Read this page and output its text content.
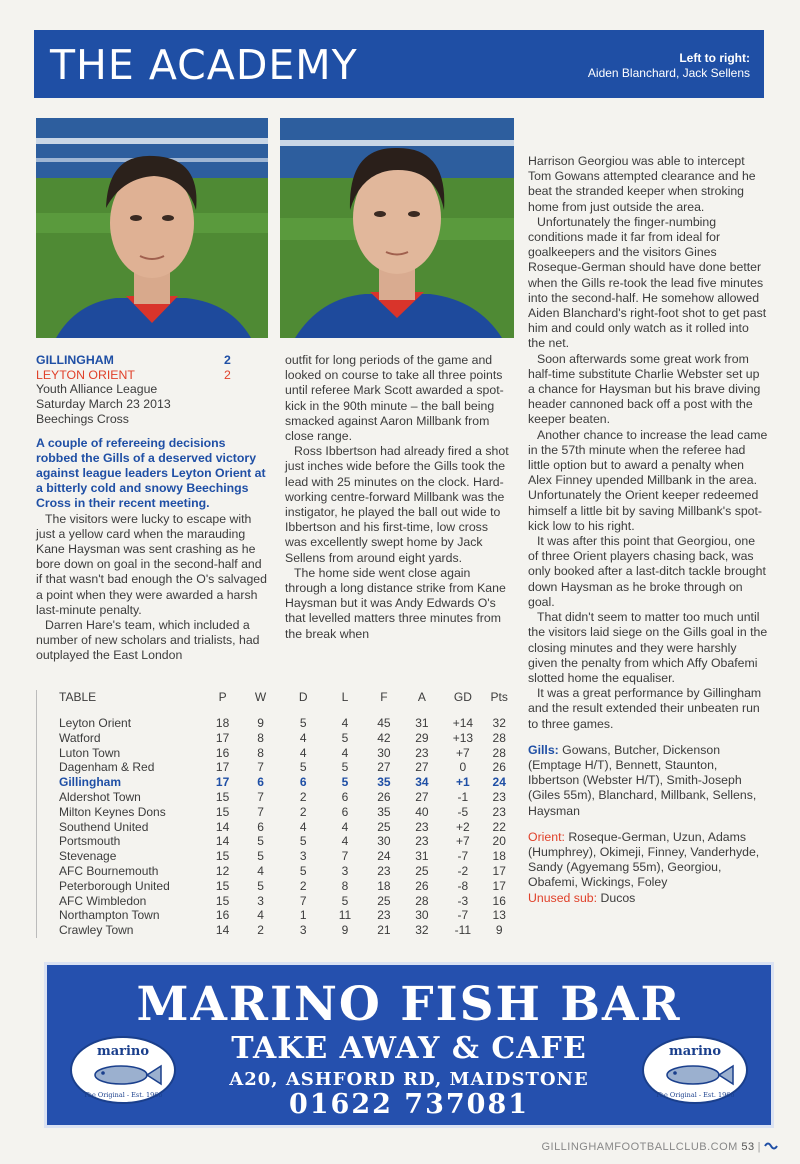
THE ACADEMY	Left to right:
Aiden Blanchard, Jack Sellens
GILLINGHAM	2
LEYTON ORIENT	2

Youth Alliance League

Saturday March 23 2013

Beechings Cross

A couple of refereeing decisions robbed the Gills of a deserved victory against league leaders Leyton Orient at a bitterly cold and snowy Beechings Cross in their recent meeting.

The visitors were lucky to escape with just a yellow card when the marauding Kane Haysman was sent crashing as he bore down on goal in the second-half and if that wasn't bad enough the O's salvaged a point when they were awarded a harsh last-minute penalty.

Darren Hare's team, which included a number of new scholars and trialists, had outplayed the East London

outfit for long periods of the game and looked on course to take all three points until referee Mark Scott awarded a spot-kick in the 90th minute – the ball being smacked against Aaron Millbank from close range.

Ross Ibbertson had already fired a shot just inches wide before the Gills took the lead with 25 minutes on the clock. Hard-working centre-forward Millbank was the instigator, he played the ball out wide to Ibbertson and his first-time, low cross was excellently swept home by Jack Sellens from around eight yards.

The home side went close again through a long distance strike from Kane Haysman but it was Andy Edwards O's that levelled matters three minutes from the break when

Harrison Georgiou was able to intercept Tom Gowans attempted clearance and he beat the stranded keeper when stroking home from just outside the area.

Unfortunately the finger-numbing conditions made it far from ideal for goalkeepers and the visitors Gines Roseque-German should have done better when the Gills re-took the lead five minutes into the second-half. He somehow allowed Aiden Blanchard's right-foot shot to get past him and could only watch as it rolled into the net.

Soon afterwards some great work from half-time substitute Charlie Webster set up a chance for Haysman but his brave diving header cannoned back off a post with the keeper beaten.

Another chance to increase the lead came in the 57th minute when the referee had little option but to award a penalty when Alex Finney upended Millbank in the area. Unfortunately the Orient keeper redeemed himself a little bit by saving Millbank's spot-kick low to his right.

It was after this point that Georgiou, one of three Orient players chasing back, was only booked after a last-ditch tackle brought down Haysman as he broke through on goal.

That didn't seem to matter too much until the visitors laid siege on the Gills goal in the closing minutes and they were harshly given the penalty from which Affy Obafemi slotted home the equaliser.

It was a great performance by Gillingham and the result extended their unbeaten run to three games.

Gills: Gowans, Butcher, Dickenson (Emptage H/T), Bennett, Staunton, Ibbertson (Webster H/T), Smith-Joseph (Giles 55m), Blanchard, Millbank, Sellens, Haysman

Orient: Roseque-German, Uzun, Adams (Humphrey), Okimeji, Finney, Vanderhyde, Sandy (Agyemang 55m), Georgiou, Obafemi, Wickings, Foley

Unused sub: Ducos

TABLE	P	W	D	L	F	A	GD	Pts
Leyton Orient	18	9	5	4	45	31	+14	32
Watford	17	8	4	5	42	29	+13	28
Luton Town	16	8	4	4	30	23	+7	28
Dagenham & Red	17	7	5	5	27	27	0	26
Gillingham	17	6	6	5	35	34	+1	24
Aldershot Town	15	7	2	6	26	27	-1	23
Milton Keynes Dons	15	7	2	6	35	40	-5	23
Southend United	14	6	4	4	25	23	+2	22
Portsmouth	14	5	5	4	30	23	+7	20
Stevenage	15	5	3	7	24	31	-7	18
AFC Bournemouth	12	4	5	3	23	25	-2	17
Peterborough United	15	5	2	8	18	26	-8	17
AFC Wimbledon	15	3	7	5	25	28	-3	16
Northampton Town	16	4	1	11	23	30	-7	13
Crawley Town	14	2	3	9	21	32	-11	9
MARINO FISH BAR
TAKE AWAY & CAFE
A20, ASHFORD RD, MAIDSTONE
01622 737081
marino
The Original - Est. 1966
marino
The Original - Est. 1966
GILLINGHAMFOOTBALLCLUB.COM 53 |
